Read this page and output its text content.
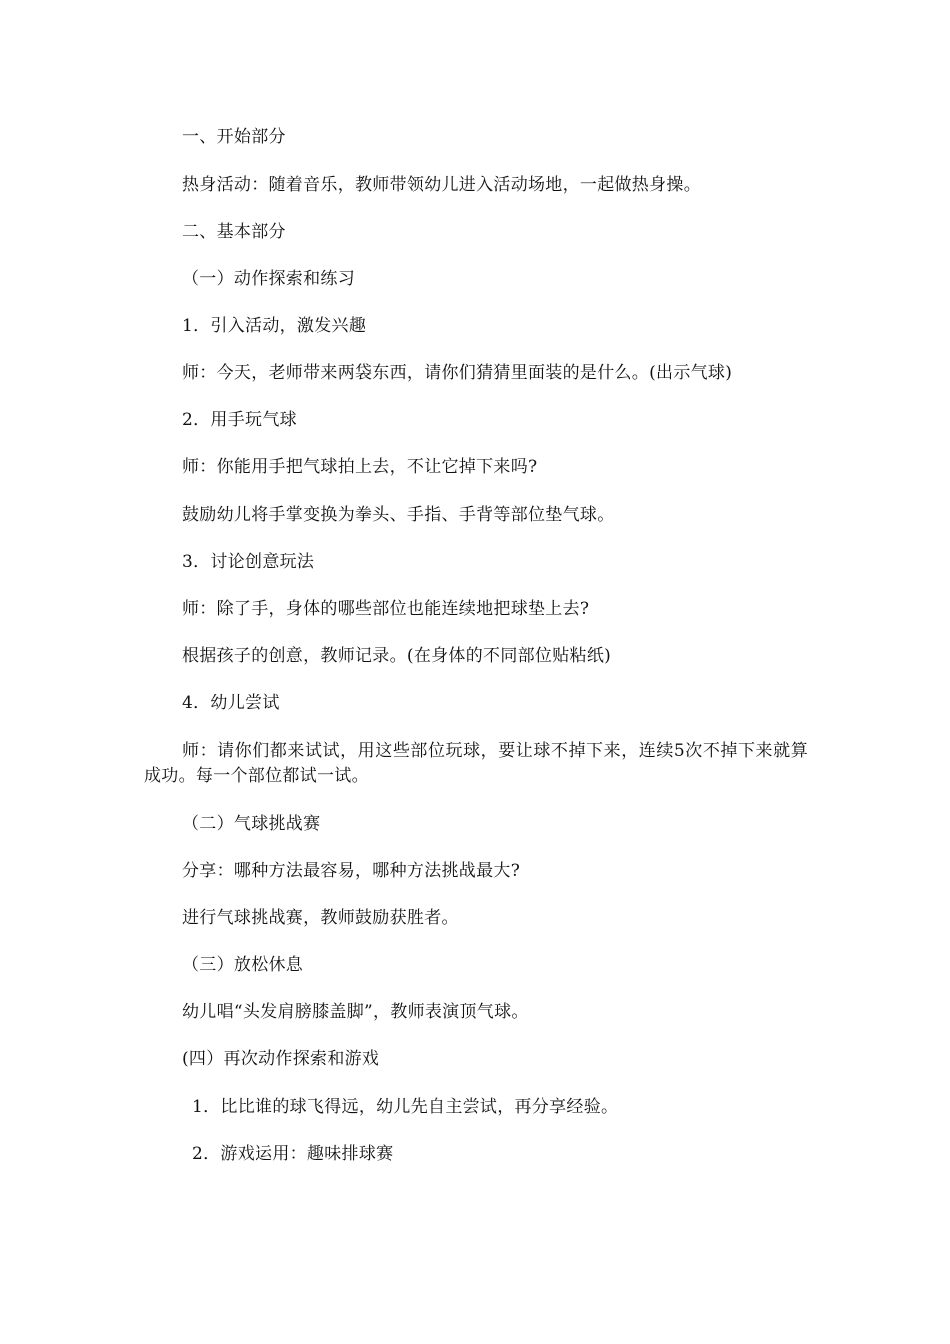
一、开始部分
热身活动：随着音乐，教师带领幼儿进入活动场地，一起做热身操。
二、基本部分
（一）动作探索和练习
1．引入活动，激发兴趣
师：今天，老师带来两袋东西，请你们猜猜里面装的是什么。(出示气球)
2．用手玩气球
师：你能用手把气球拍上去，不让它掉下来吗?
鼓励幼儿将手掌变换为拳头、手指、手背等部位垫气球。
3．讨论创意玩法
师：除了手，身体的哪些部位也能连续地把球垫上去?
根据孩子的创意，教师记录。(在身体的不同部位贴粘纸)
4．幼儿尝试
师：请你们都来试试，用这些部位玩球，要让球不掉下来，连续5次不掉下来就算成功。每一个部位都试一试。
（二）气球挑战赛
分享：哪种方法最容易，哪种方法挑战最大?
进行气球挑战赛，教师鼓励获胜者。
（三）放松休息
幼儿唱“头发肩膀膝盖脚”，教师表演顶气球。
(四）再次动作探索和游戏
1．比比谁的球飞得远，幼儿先自主尝试，再分享经验。
2．游戏运用：趣味排球赛
